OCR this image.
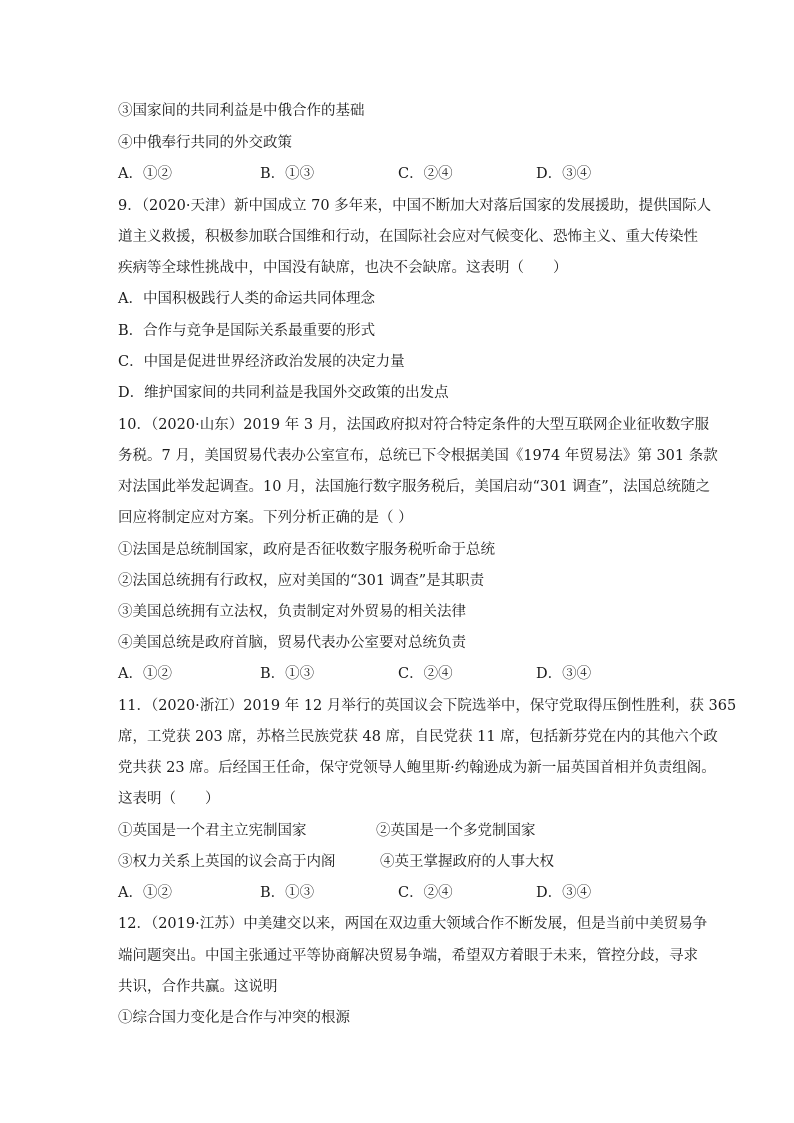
③国家间的共同利益是中俄合作的基础
④中俄奉行共同的外交政策
A．①②	B．①③	C．②④	D．③④
9．（2020·天津）新中国成立 70 多年来，中国不断加大对落后国家的发展援助，提供国际人
道主义救援，积极参加联合国维和行动，在国际社会应对气候变化、恐怖主义、重大传染性
疾病等全球性挑战中，中国没有缺席，也决不会缺席。这表明（　　）
A．中国积极践行人类的命运共同体理念
B．合作与竞争是国际关系最重要的形式
C．中国是促进世界经济政治发展的决定力量
D．维护国家间的共同利益是我国外交政策的出发点
10．（2020·山东）2019 年 3 月，法国政府拟对符合特定条件的大型互联网企业征收数字服
务税。7 月，美国贸易代表办公室宣布，总统已下令根据美国《1974 年贸易法》第 301 条款
对法国此举发起调查。10 月，法国施行数字服务税后，美国启动“301 调查”，法国总统随之
回应将制定应对方案。下列分析正确的是（ ）
①法国是总统制国家，政府是否征收数字服务税听命于总统
②法国总统拥有行政权，应对美国的“301 调查”是其职责
③美国总统拥有立法权，负责制定对外贸易的相关法律
④美国总统是政府首脑，贸易代表办公室要对总统负责
A．①②	B．①③	C．②④	D．③④
11．（2020·浙江）2019 年 12 月举行的英国议会下院选举中，保守党取得压倒性胜利，获 365
席，工党获 203 席，苏格兰民族党获 48 席，自民党获 11 席，包括新芬党在内的其他六个政
党共获 23 席。后经国王任命，保守党领导人鲍里斯·约翰逊成为新一届英国首相并负责组阁。
这表明（　　）
①英国是一个君主立宪制国家	②英国是一个多党制国家
③权力关系上英国的议会高于内阁	④英王掌握政府的人事大权
A．①②	B．①③	C．②④	D．③④
12．（2019·江苏）中美建交以来，两国在双边重大领域合作不断发展，但是当前中美贸易争
端问题突出。中国主张通过平等协商解决贸易争端，希望双方着眼于未来，管控分歧，寻求
共识，合作共赢。这说明
①综合国力变化是合作与冲突的根源
